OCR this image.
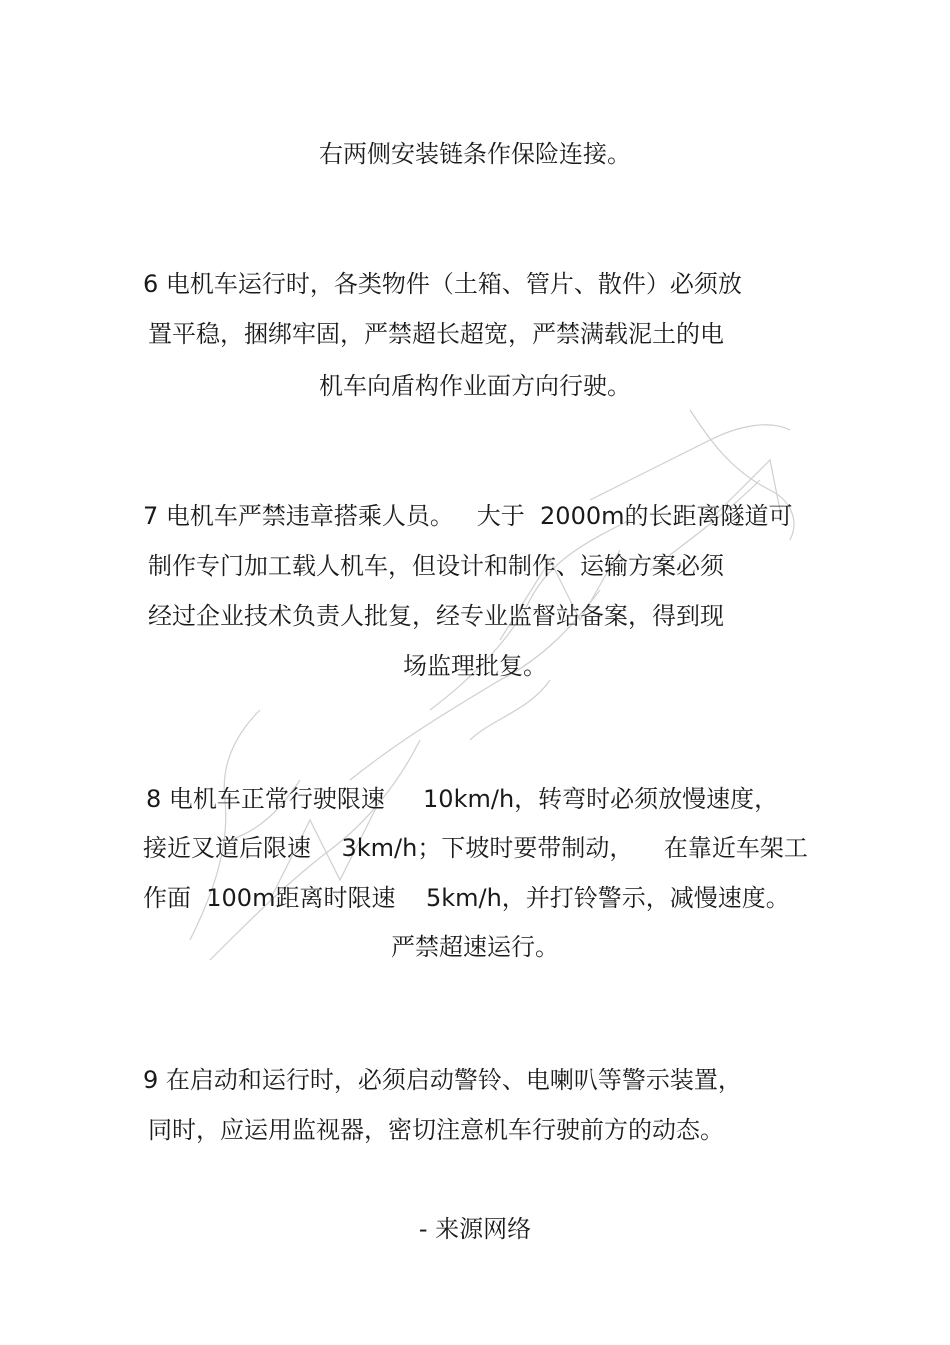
右两侧安装链条作保险连接。
6 电机车运行时，各类物件（土箱、管片、散件）必须放
置平稳，捆绑牢固，严禁超长超宽，严禁满载泥土的电
机车向盾构作业面方向行驶。
7 电机车严禁违章搭乘人员。   大于  2000m的长距离隧道可
制作专门加工载人机车，但设计和制作、运输方案必须
经过企业技术负责人批复，经专业监督站备案，得到现
场监理批复。
8 电机车正常行驶限速     10km/h，转弯时必须放慢速度，
接近叉道后限速    3km/h；下坡时要带制动，    在靠近车架工
作面  100m距离时限速    5km/h，并打铃警示，减慢速度。
严禁超速运行。
9 在启动和运行时，必须启动警铃、电喇叭等警示装置，
同时，应运用监视器，密切注意机车行驶前方的动态。
- 来源网络
